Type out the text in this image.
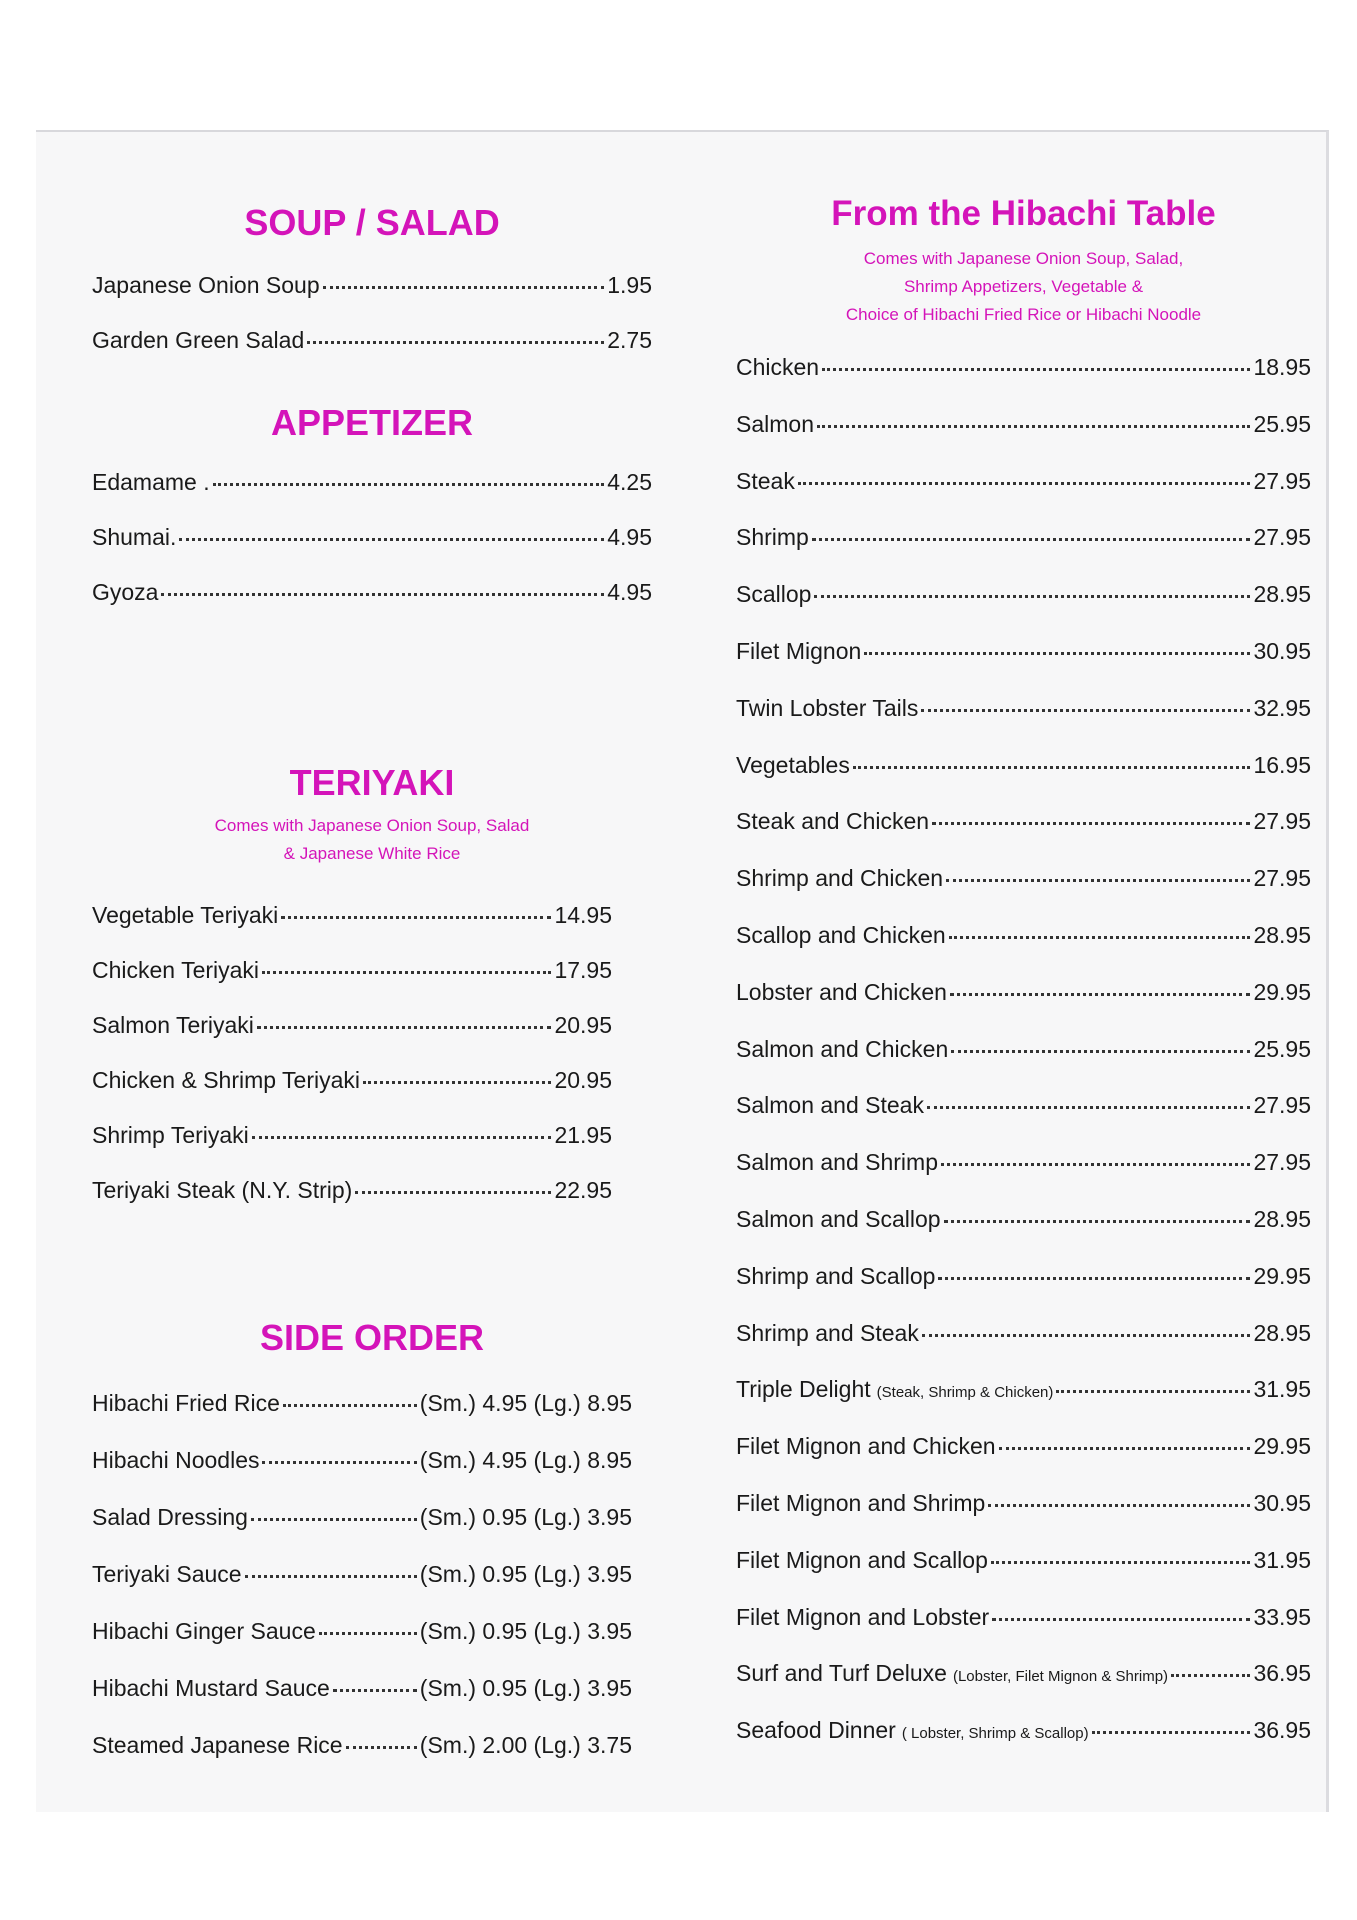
SOUP / SALAD
Japanese Onion Soup	1.95
Garden Green Salad	2.75
APPETIZER
Edamame .	4.25
Shumai.	4.95
Gyoza	4.95
TERIYAKI
Comes with Japanese Onion Soup, Salad
& Japanese White Rice
Vegetable Teriyaki	14.95
Chicken Teriyaki	17.95
Salmon Teriyaki	20.95
Chicken & Shrimp Teriyaki	20.95
Shrimp Teriyaki	21.95
Teriyaki Steak (N.Y. Strip)	22.95
SIDE ORDER
Hibachi Fried Rice	(Sm.) 4.95 (Lg.) 8.95
Hibachi Noodles	(Sm.) 4.95 (Lg.) 8.95
Salad Dressing	(Sm.) 0.95 (Lg.) 3.95
Teriyaki Sauce	(Sm.) 0.95 (Lg.) 3.95
Hibachi Ginger Sauce	(Sm.) 0.95 (Lg.) 3.95
Hibachi Mustard Sauce	(Sm.) 0.95 (Lg.) 3.95
Steamed Japanese Rice	(Sm.) 2.00 (Lg.) 3.75
From the Hibachi Table
Comes with Japanese Onion Soup, Salad,
Shrimp Appetizers, Vegetable &
Choice of Hibachi Fried Rice or Hibachi Noodle
Chicken	18.95
Salmon	25.95
Steak	27.95
Shrimp	27.95
Scallop	28.95
Filet Mignon	30.95
Twin Lobster Tails	32.95
Vegetables	16.95
Steak and Chicken	27.95
Shrimp and Chicken	27.95
Scallop and Chicken	28.95
Lobster and Chicken	29.95
Salmon and Chicken	25.95
Salmon and Steak	27.95
Salmon and Shrimp	27.95
Salmon and Scallop	28.95
Shrimp and Scallop	29.95
Shrimp and Steak	28.95
Triple Delight (Steak, Shrimp & Chicken)	31.95
Filet Mignon and Chicken	29.95
Filet Mignon and Shrimp	30.95
Filet Mignon and Scallop	31.95
Filet Mignon and Lobster	33.95
Surf and Turf Deluxe (Lobster, Filet Mignon & Shrimp)	36.95
Seafood Dinner ( Lobster, Shrimp & Scallop)	36.95
